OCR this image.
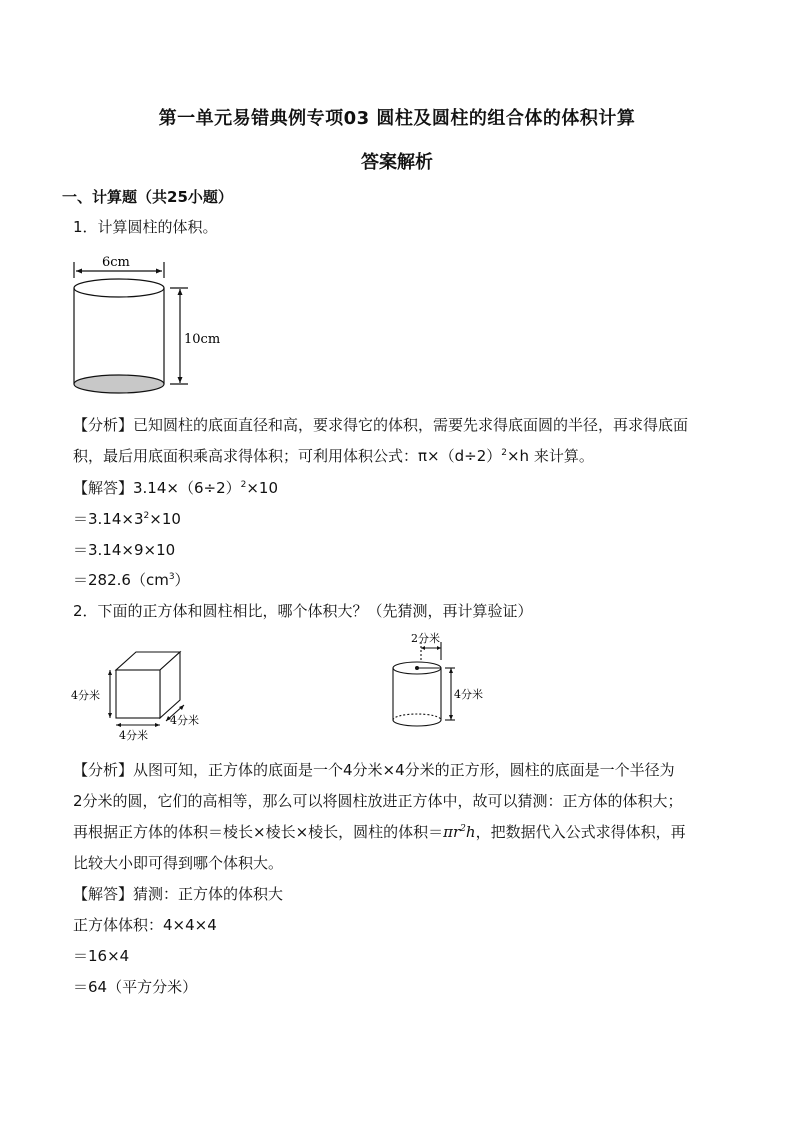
第一单元易错典例专项03 圆柱及圆柱的组合体的体积计算
答案解析
一、计算题（共25小题）
1．计算圆柱的体积。
6cm
10cm
【分析】已知圆柱的底面直径和高，要求得它的体积，需要先求得底面圆的半径，再求得底面
积，最后用底面积乘高求得体积；可利用体积公式：$\pi\times(d\div 2)^2\times h$ 来计算。
【解答】$3.14\times(6\div 2)^2\times 10$
$=3.14\times 3^2\times 10$
＝3.14×9×10
$=282.6(cm^3)$
2．下面的正方体和圆柱相比，哪个体积大？（先猜测，再计算验证）
4分米
4分米
4分米
2分米
4分米
【分析】从图可知，正方体的底面是一个4分米×4分米的正方形，圆柱的底面是一个半径为
2分米的圆，它们的高相等，那么可以将圆柱放进正方体中，故可以猜测：正方体的体积大；
再根据正方体的体积＝棱长×棱长×棱长，圆柱的体积$=\pi r^2h$，把数据代入公式求得体积，再
比较大小即可得到哪个体积大。
【解答】猜测：正方体的体积大
正方体体积：4×4×4
＝16×4
＝64（平方分米）
